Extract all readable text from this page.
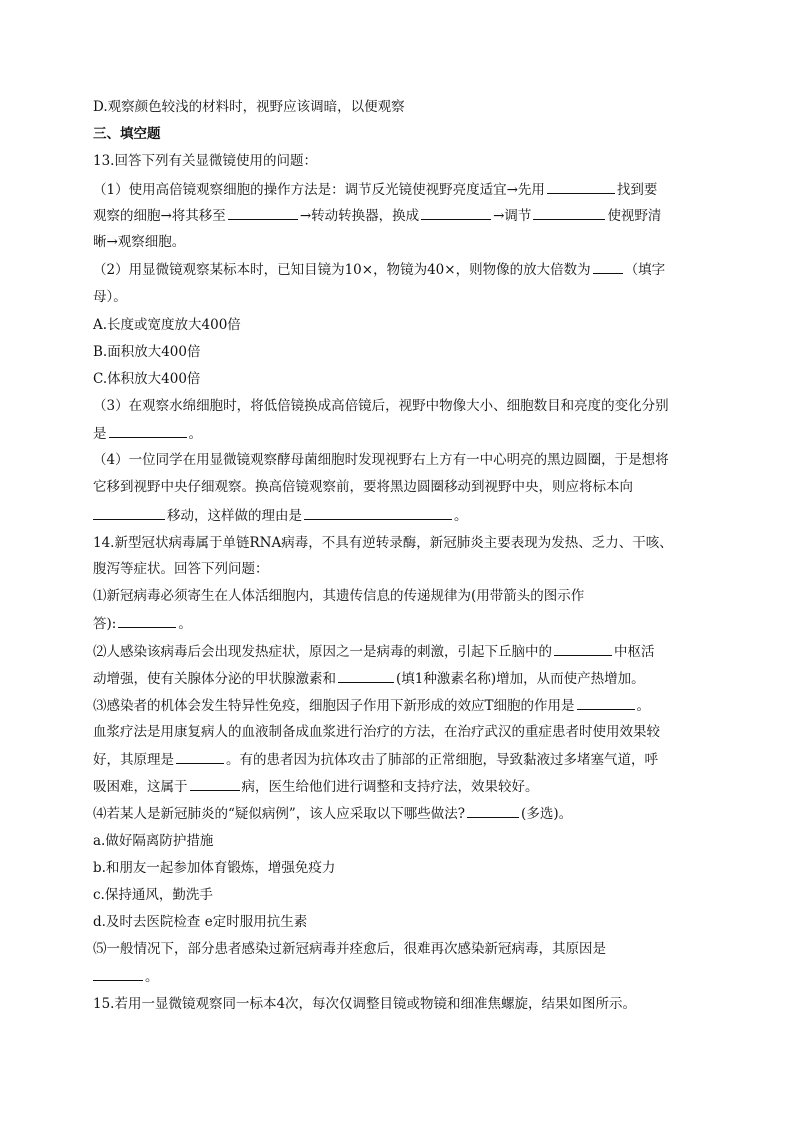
D.观察颜色较浅的材料时，视野应该调暗，以便观察
三、填空题
13.回答下列有关显微镜使用的问题：
（1）使用高倍镜观察细胞的操作方法是：调节反光镜使视野亮度适宜→先用	找到要
观察的细胞→将其移至	→转动转换器，换成	→调节	使视野清
晰→观察细胞。
（2）用显微镜观察某标本时，已知目镜为10×，物镜为40×，则物像的放大倍数为	（填字
母）。
A.长度或宽度放大400倍
B.面积放大400倍
C.体积放大400倍
（3）在观察水绵细胞时，将低倍镜换成高倍镜后，视野中物像大小、细胞数目和亮度的变化分别
是	。
（4）一位同学在用显微镜观察酵母菌细胞时发现视野右上方有一中心明亮的黑边圆圈，于是想将
它移到视野中央仔细观察。换高倍镜观察前，要将黑边圆圈移动到视野中央，则应将标本向
移动，这样做的理由是	。
14.新型冠状病毒属于单链RNA病毒，不具有逆转录酶，新冠肺炎主要表现为发热、乏力、干咳、
腹泻等症状。回答下列问题：
⑴新冠病毒必须寄生在人体活细胞内，其遗传信息的传递规律为(用带箭头的图示作
答):	。
⑵人感染该病毒后会出现发热症状，原因之一是病毒的刺激，引起下丘脑中的	中枢活
动增强，使有关腺体分泌的甲状腺激素和	(填1种激素名称)增加，从而使产热增加。
⑶感染者的机体会发生特异性免疫，细胞因子作用下新形成的效应T细胞的作用是	。
血浆疗法是用康复病人的血液制备成血浆进行治疗的方法，在治疗武汉的重症患者时使用效果较
好，其原理是	。有的患者因为抗体攻击了肺部的正常细胞，导致黏液过多堵塞气道，呼
吸困难，这属于	病，医生给他们进行调整和支持疗法，效果较好。
⑷若某人是新冠肺炎的“疑似病例”，该人应采取以下哪些做法?	(多选)。
a.做好隔离防护措施
b.和朋友一起参加体育锻炼，增强免疫力
c.保持通风，勤洗手
d.及时去医院检查 e定时服用抗生素
⑸一般情况下，部分患者感染过新冠病毒并痊愈后，很难再次感染新冠病毒，其原因是
。
15.若用一显微镜观察同一标本4次，每次仅调整目镜或物镜和细准焦螺旋，结果如图所示。
